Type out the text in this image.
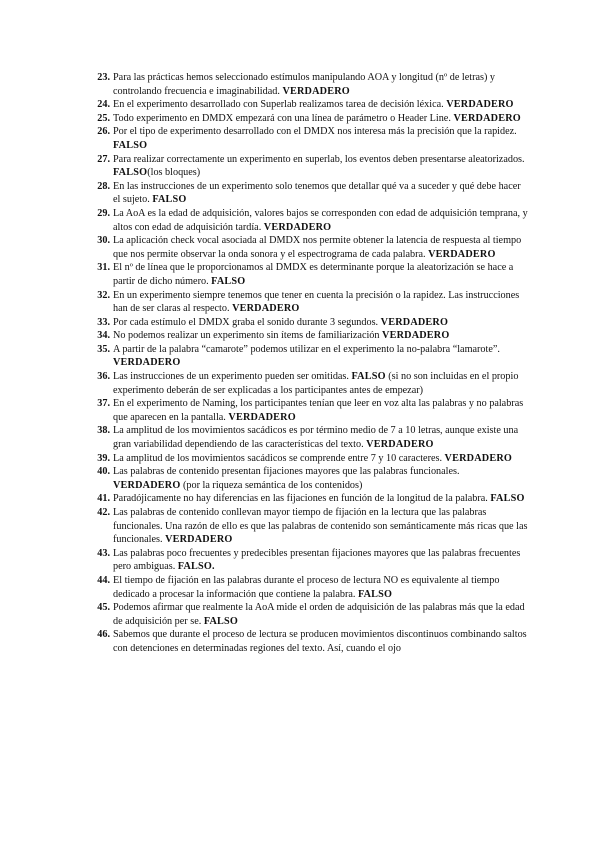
23. Para las prácticas hemos seleccionado estímulos manipulando AOA y longitud (nº de letras) y controlando frecuencia e imaginabilidad. VERDADERO
24. En el experimento desarrollado con Superlab realizamos tarea de decisión léxica. VERDADERO
25. Todo experimento en DMDX empezará con una línea de parámetro o Header Line. VERDADERO
26. Por el tipo de experimento desarrollado con el DMDX nos interesa más la precisión que la rapidez. FALSO
27. Para realizar correctamente un experimento en superlab, los eventos deben presentarse aleatorizados. FALSO(los bloques)
28. En las instrucciones de un experimento solo tenemos que detallar qué va a suceder y qué debe hacer el sujeto. FALSO
29. La AoA es la edad de adquisición, valores bajos se corresponden con edad de adquisición temprana, y altos con edad de adquisición tardía. VERDADERO
30. La aplicación check vocal asociada al DMDX nos permite obtener la latencia de respuesta al tiempo que nos permite observar la onda sonora y el espectrograma de cada palabra. VERDADERO
31. El nº de línea que le proporcionamos al DMDX es determinante porque la aleatorización se hace a partir de dicho número. FALSO
32. En un experimento siempre tenemos que tener en cuenta la precisión o la rapidez. Las instrucciones han de ser claras al respecto. VERDADERO
33. Por cada estímulo el DMDX graba el sonido durante 3 segundos. VERDADERO
34. No podemos realizar un experimento sin ítems de familiarización VERDADERO
35. A partir de la palabra “camarote” podemos utilizar en el experimento la no-palabra “lamarote”. VERDADERO
36. Las instrucciones de un experimento pueden ser omitidas. FALSO (si no son incluidas en el propio experimento deberán de ser explicadas a los participantes antes de empezar)
37. En el experimento de Naming, los participantes tenían que leer en voz alta las palabras y no palabras que aparecen en la pantalla. VERDADERO
38. La amplitud de los movimientos sacádicos es por término medio de 7 a 10 letras, aunque existe una gran variabilidad dependiendo de las características del texto. VERDADERO
39. La amplitud de los movimientos sacádicos se comprende entre 7 y 10 caracteres. VERDADERO
40. Las palabras de contenido presentan fijaciones mayores que las palabras funcionales. VERDADERO (por la riqueza semántica de los contenidos)
41. Paradójicamente no hay diferencias en las fijaciones en función de la longitud de la palabra. FALSO
42. Las palabras de contenido conllevan mayor tiempo de fijación en la lectura que las palabras funcionales. Una razón de ello es que las palabras de contenido son semánticamente más ricas que las funcionales. VERDADERO
43. Las palabras poco frecuentes y predecibles presentan fijaciones mayores que las palabras frecuentes pero ambiguas. FALSO.
44. El tiempo de fijación en las palabras durante el proceso de lectura NO es equivalente al tiempo dedicado a procesar la información que contiene la palabra. FALSO
45. Podemos afirmar que realmente la AoA mide el orden de adquisición de las palabras más que la edad de adquisición per se. FALSO
46. Sabemos que durante el proceso de lectura se producen movimientos discontinuos combinando saltos con detenciones en determinadas regiones del texto. Así, cuando el ojo
